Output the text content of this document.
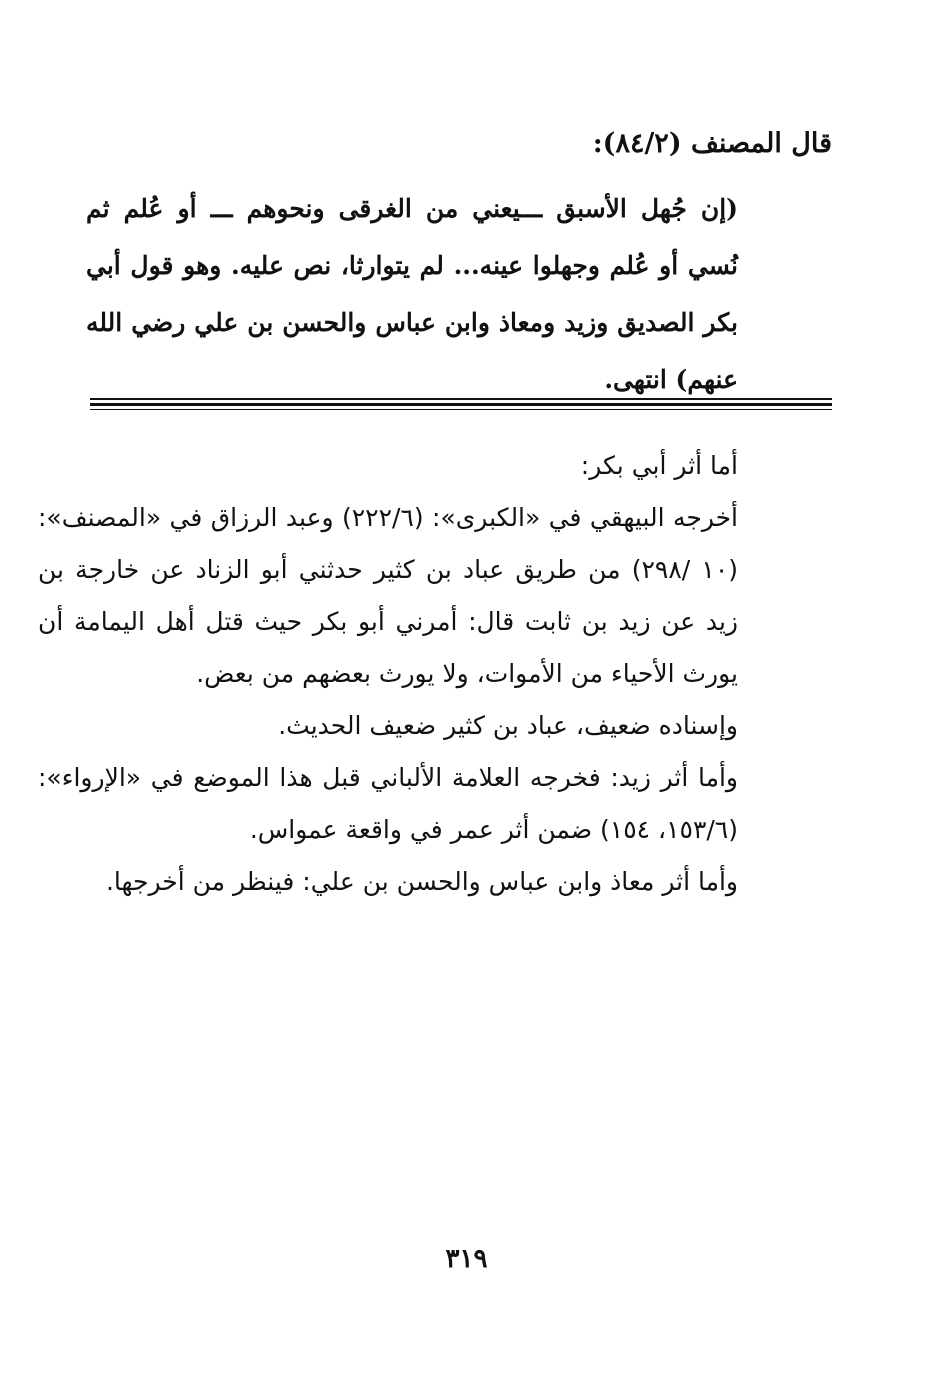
قال المصنف (٨٤/٢):

(إن جُهل الأسبق ـــيعني من الغرقى ونحوهم ـــ أو عُلم ثم نُسي أو عُلم وجهلوا عينه... لم يتوارثا، نص عليه. وهو قول أبي بكر الصديق وزيد ومعاذ وابن عباس والحسن بن علي رضي الله عنهم) انتهى.

أما أثر أبي بكر:

أخرجه البيهقي في «الكبرى»: (٢٢٢/٦) وعبد الرزاق في «المصنف»: (١٠ /٢٩٨) من طريق عباد بن كثير حدثني أبو الزناد عن خارجة بن زيد عن زيد بن ثابت قال: أمرني أبو بكر حيث قتل أهل اليمامة أن يورث الأحياء من الأموات، ولا يورث بعضهم من بعض.

وإسناده ضعيف، عباد بن كثير ضعيف الحديث.

وأما أثر زيد: فخرجه العلامة الألباني قبل هذا الموضع في «الإرواء»: (١٥٣/٦، ١٥٤) ضمن أثر عمر في واقعة عمواس.

وأما أثر معاذ وابن عباس والحسن بن علي: فينظر من أخرجها.

٣١٩
